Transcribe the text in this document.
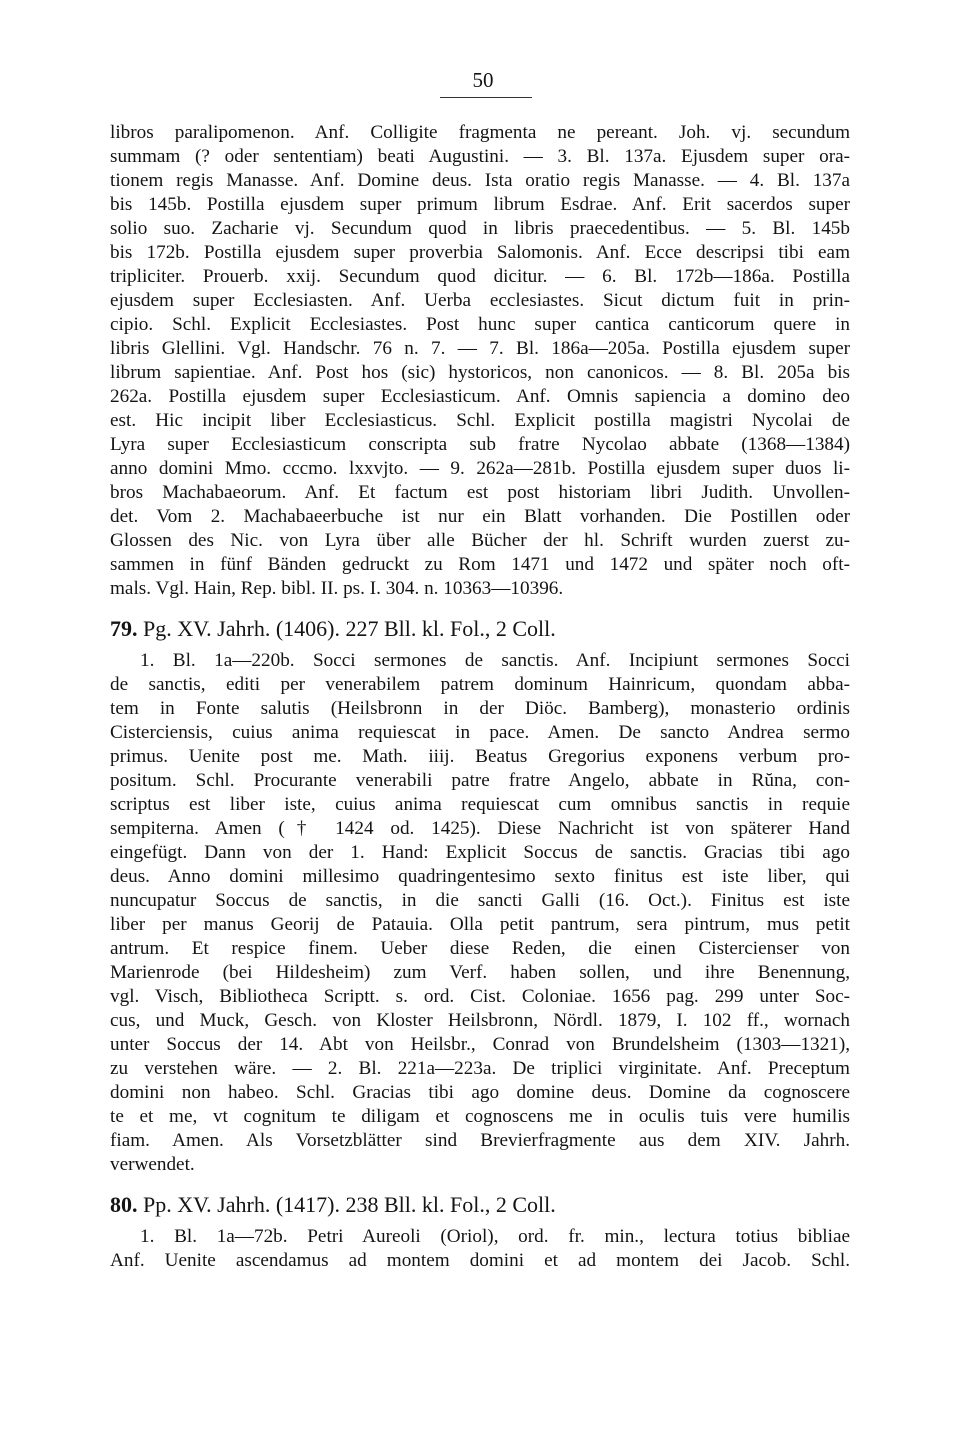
50
libros paralipomenon. Anf. Colligite fragmenta ne pereant. Joh. vj. secundum
summam (? oder sententiam) beati Augustini. — 3. Bl. 137a. Ejusdem super ora-
tionem regis Manasse. Anf. Domine deus. Ista oratio regis Manasse. — 4. Bl. 137a
bis 145b. Postilla ejusdem super primum librum Esdrae. Anf. Erit sacerdos super
solio suo. Zacharie vj. Secundum quod in libris praecedentibus. — 5. Bl. 145b
bis 172b. Postilla ejusdem super proverbia Salomonis. Anf. Ecce descripsi tibi eam
tripliciter. Prouerb. xxij. Secundum quod dicitur. — 6. Bl. 172b—186a. Postilla
ejusdem super Ecclesiasten. Anf. Uerba ecclesiastes. Sicut dictum fuit in prin-
cipio. Schl. Explicit Ecclesiastes. Post hunc super cantica canticorum quere in
libris Glellini. Vgl. Handschr. 76 n. 7. — 7. Bl. 186a—205a. Postilla ejusdem super
librum sapientiae. Anf. Post hos (sic) hystoricos, non canonicos. — 8. Bl. 205a bis
262a. Postilla ejusdem super Ecclesiasticum. Anf. Omnis sapiencia a domino deo
est. Hic incipit liber Ecclesiasticus. Schl. Explicit postilla magistri Nycolai de
Lyra super Ecclesiasticum conscripta sub fratre Nycolao abbate (1368—1384)
anno domini Mmo. cccmo. lxxvjto. — 9. 262a—281b. Postilla ejusdem super duos li-
bros Machabaeorum. Anf. Et factum est post historiam libri Judith. Unvollen-
det. Vom 2. Machabaeerbuche ist nur ein Blatt vorhanden. Die Postillen oder
Glossen des Nic. von Lyra über alle Bücher der hl. Schrift wurden zuerst zu-
sammen in fünf Bänden gedruckt zu Rom 1471 und 1472 und später noch oft-
mals. Vgl. Hain, Rep. bibl. II. ps. I. 304. n. 10363—10396.
79. Pg. XV. Jahrh. (1406). 227 Bll. kl. Fol., 2 Coll.
1. Bl. 1a—220b. Socci sermones de sanctis. Anf. Incipiunt sermones Socci
de sanctis, editi per venerabilem patrem dominum Hainricum, quondam abba-
tem in Fonte salutis (Heilsbronn in der Diöc. Bamberg), monasterio ordinis
Cisterciensis, cuius anima requiescat in pace. Amen. De sancto Andrea sermo
primus. Uenite post me. Math. iiij. Beatus Gregorius exponens verbum pro-
positum. Schl. Procurante venerabili patre fratre Angelo, abbate in Rŭna, con-
scriptus est liber iste, cuius anima requiescat cum omnibus sanctis in requie
sempiterna. Amen († 1424 od. 1425). Diese Nachricht ist von späterer Hand
eingefügt. Dann von der 1. Hand: Explicit Soccus de sanctis. Gracias tibi ago
deus. Anno domini millesimo quadringentesimo sexto finitus est iste liber, qui
nuncupatur Soccus de sanctis, in die sancti Galli (16. Oct.). Finitus est iste
liber per manus Georij de Patauia. Olla petit pantrum, sera pintrum, mus petit
antrum. Et respice finem. Ueber diese Reden, die einen Cistercienser von
Marienrode (bei Hildesheim) zum Verf. haben sollen, und ihre Benennung,
vgl. Visch, Bibliotheca Scriptt. s. ord. Cist. Coloniae. 1656 pag. 299 unter Soc-
cus, und Muck, Gesch. von Kloster Heilsbronn, Nördl. 1879, I. 102 ff., wornach
unter Soccus der 14. Abt von Heilsbr., Conrad von Brundelsheim (1303—1321),
zu verstehen wäre. — 2. Bl. 221a—223a. De triplici virginitate. Anf. Preceptum
domini non habeo. Schl. Gracias tibi ago domine deus. Domine da cognoscere
te et me, vt cognitum te diligam et cognoscens me in oculis tuis vere humilis
fiam. Amen. Als Vorsetzblätter sind Brevierfragmente aus dem XIV. Jahrh.
verwendet.
80. Pp. XV. Jahrh. (1417). 238 Bll. kl. Fol., 2 Coll.
1. Bl. 1a—72b. Petri Aureoli (Oriol), ord. fr. min., lectura totius bibliae
Anf. Uenite ascendamus ad montem domini et ad montem dei Jacob. Schl.
